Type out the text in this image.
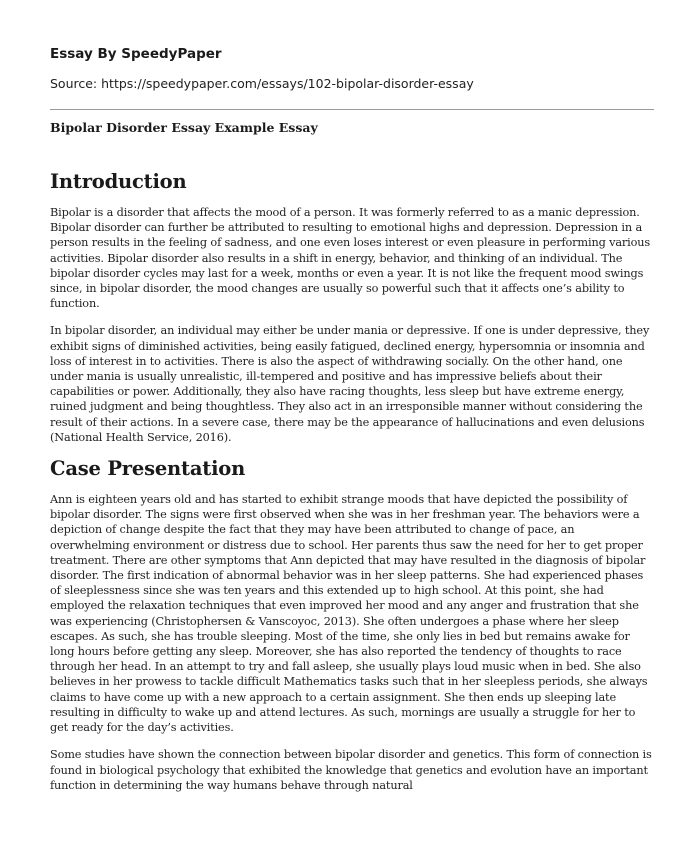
Essay By SpeedyPaper
Source: https://speedypaper.com/essays/102-bipolar-disorder-essay
Bipolar Disorder Essay Example Essay
Introduction

Bipolar is a disorder that affects the mood of a person. It was formerly referred to as a manic depression. Bipolar disorder can further be attributed to resulting to emotional highs and depression. Depression in a person results in the feeling of sadness, and one even loses interest or even pleasure in performing various activities. Bipolar disorder also results in a shift in energy, behavior, and thinking of an individual. The bipolar disorder cycles may last for a week, months or even a year. It is not like the frequent mood swings since, in bipolar disorder, the mood changes are usually so powerful such that it affects one’s ability to function.

In bipolar disorder, an individual may either be under mania or depressive. If one is under depressive, they exhibit signs of diminished activities, being easily fatigued, declined energy, hypersomnia or insomnia and loss of interest in to activities. There is also the aspect of withdrawing socially. On the other hand, one under mania is usually unrealistic, ill-tempered and positive and has impressive beliefs about their capabilities or power. Additionally, they also have racing thoughts, less sleep but have extreme energy, ruined judgment and being thoughtless. They also act in an irresponsible manner without considering the result of their actions. In a severe case, there may be the appearance of hallucinations and even delusions (National Health Service, 2016).

Case Presentation

Ann is eighteen years old and has started to exhibit strange moods that have depicted the possibility of bipolar disorder. The signs were first observed when she was in her freshman year. The behaviors were a depiction of change despite the fact that they may have been attributed to change of pace, an overwhelming environment or distress due to school. Her parents thus saw the need for her to get proper treatment. There are other symptoms that Ann depicted that may have resulted in the diagnosis of bipolar disorder. The first indication of abnormal behavior was in her sleep patterns. She had experienced phases of sleeplessness since she was ten years and this extended up to high school. At this point, she had employed the relaxation techniques that even improved her mood and any anger and frustration that she was experiencing (Christophersen & Vanscoyoc, 2013). She often undergoes a phase where her sleep escapes. As such, she has trouble sleeping. Most of the time, she only lies in bed but remains awake for long hours before getting any sleep. Moreover, she has also reported the tendency of thoughts to race through her head. In an attempt to try and fall asleep, she usually plays loud music when in bed. She also believes in her prowess to tackle difficult Mathematics tasks such that in her sleepless periods, she always claims to have come up with a new approach to a certain assignment. She then ends up sleeping late resulting in difficulty to wake up and attend lectures. As such, mornings are usually a struggle for her to get ready for the day’s activities.

Some studies have shown the connection between bipolar disorder and genetics. This form of connection is found in biological psychology that exhibited the knowledge that genetics and evolution have an important function in determining the way humans behave through natural
